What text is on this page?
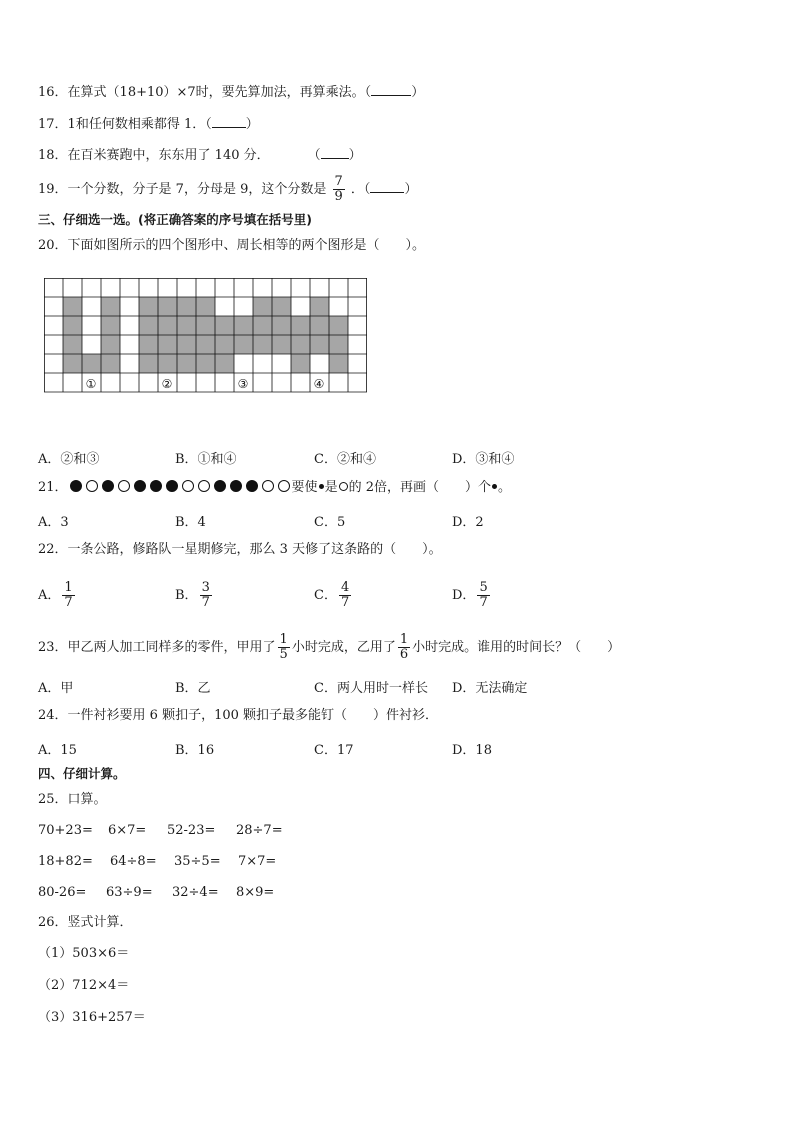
16．在算式（18+10）×7时，要先算加法，再算乘法。（	）
17．1和任何数相乘都得 1．（	）
18．在百米赛跑中，东东用了 140 分．	（ ）
19．一个分数，分子是 7，分母是 9，这个分数是 $\frac{7}{9}$ ．（	）
三、仔细选一选。(将正确答案的序号填在括号里)
20．下面如图所示的四个图形中、周长相等的两个图形是（　　）。
①	②	③	④
A．②和③	B．①和④	C．②和④	D．③和④
21．	要使 是 的 2倍，再画（　　）个 。
A．3	B．4	C．5	D．2
22．一条公路，修路队一星期修完，那么 3 天修了这条路的（　　）。
A． $\frac{1}{7}$	B． $\frac{3}{7}$	C． $\frac{4}{7}$	D． $\frac{5}{7}$
23．甲乙两人加工同样多的零件，甲用了 $\frac{1}{5}$ 小时完成，乙用了 $\frac{1}{6}$ 小时完成。谁用的时间长？（　　）
A．甲	B．乙	C．两人用时一样长 D．无法确定
24．一件衬衫要用 6 颗扣子，100 颗扣子最多能钉（　　）件衬衫．
A．15	B．16	C．17	D．18
四、仔细计算。
25．口算。
70+23= 6×7= 52-23= 28÷7=
18+82= 64÷8= 35÷5= 7×7=
80-26= 63÷9= 32÷4= 8×9=
26．竖式计算．
（1）503×6＝
（2）712×4＝
（3）316+257＝
